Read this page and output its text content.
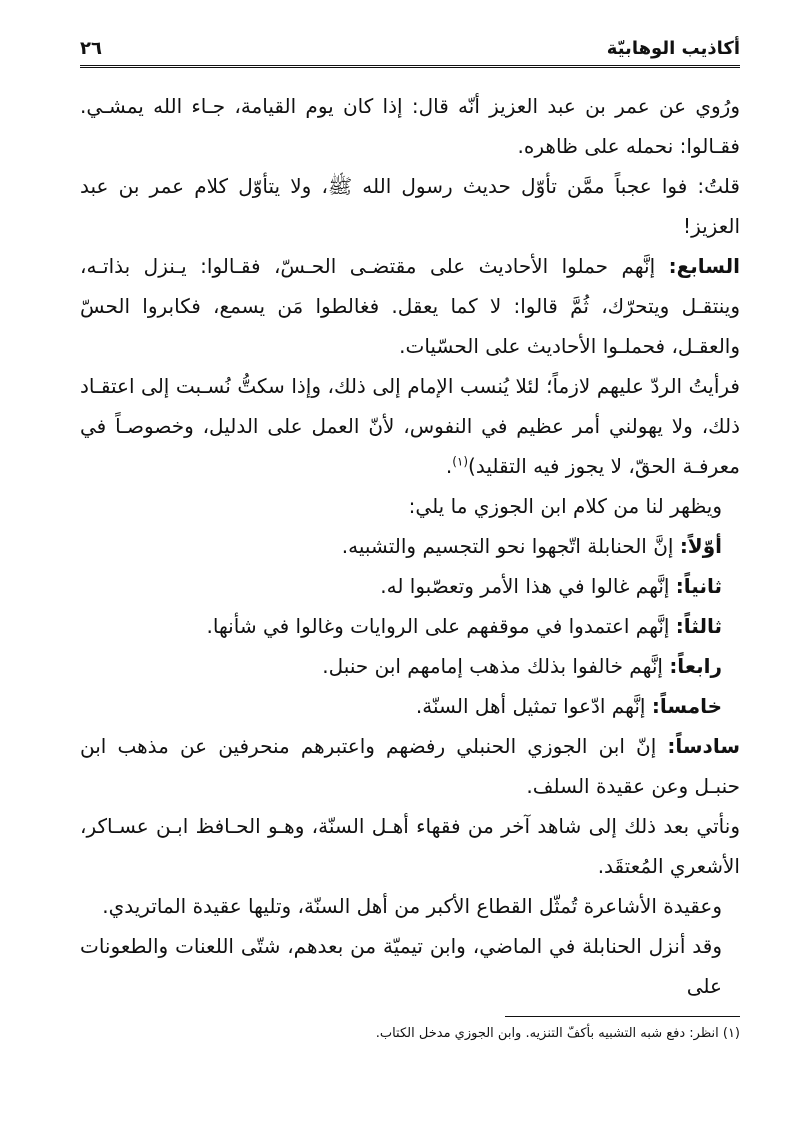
أكاذيب الوهابيّة
٢٦

ورُوي عن عمر بن عبد العزيز أنّه قال: إذا كان يوم القيامة، جـاء الله يمشـي. فقـالوا: نحمله على ظاهره.

قلتُ: فوا عجباً ممَّن تأوّل حديث رسول الله ﷺ، ولا يتأوّل كلام عمر بن عبد العزيز!

السابع: إنَّهم حملوا الأحاديث على مقتضـى الحـسّ، فقـالوا: يـنزل بذاتـه، وينتقـل ويتحرّك، ثُمَّ قالوا: لا كما يعقل. فغالطوا مَن يسمع، فكابروا الحسّ والعقـل، فحملـوا الأحاديث على الحسّيات.

فرأيتُ الردّ عليهم لازماً؛ لئلا يُنسب الإمام إلى ذلك، وإذا سكتُّ نُسـبت إلى اعتقـاد ذلك، ولا يهولني أمر عظيم في النفوس، لأنّ العمل على الدليل، وخصوصـاً في معرفـة الحقّ، لا يجوز فيه التقليد)$^{(١)}$.

ويظهر لنا من كلام ابن الجوزي ما يلي:

أوّلاً: إنَّ الحنابلة اتّجهوا نحو التجسيم والتشبيه.

ثانياً: إنَّهم غالوا في هذا الأمر وتعصّبوا له.

ثالثاً: إنَّهم اعتمدوا في موقفهم على الروايات وغالوا في شأنها.

رابعاً: إنَّهم خالفوا بذلك مذهب إمامهم ابن حنبل.

خامساً: إنَّهم ادّعوا تمثيل أهل السنّة.

سادساً: إنّ ابن الجوزي الحنبلي رفضهم واعتبرهم منحرفين عن مذهب ابن حنبـل وعن عقيدة السلف.

ونأتي بعد ذلك إلى شاهد آخر من فقهاء أهـل السنّة، وهـو الحـافظ ابـن عسـاكر، الأشعري المُعتقَد.

وعقيدة الأشاعرة تُمثّل القطاع الأكبر من أهل السنّة، وتليها عقيدة الماتريدي.

وقد أنزل الحنابلة في الماضي، وابن تيميّة من بعدهم، شتّى اللعنات والطعونات على

(١) انظر: دفع شبه التشبيه بأكفّ التنزيه. وابن الجوزي مدخل الكتاب.
